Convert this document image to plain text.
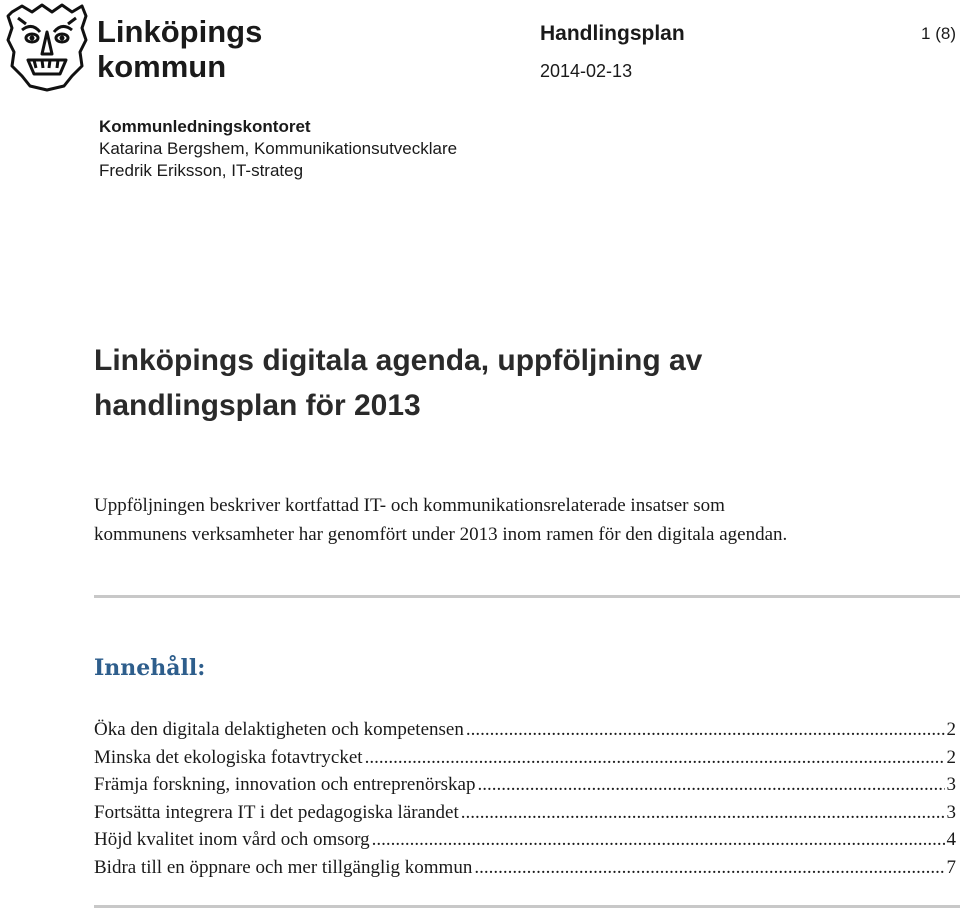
Linköpings
kommun
Handlingsplan
2014-02-13
1 (8)
Kommunledningskontoret
Katarina Bergshem, Kommunikationsutvecklare
Fredrik Eriksson, IT-strateg
Linköpings digitala agenda, uppföljning av
handlingsplan för 2013
Uppföljningen beskriver kortfattad IT- och kommunikationsrelaterade insatser som
kommunens verksamheter har genomfört under 2013 inom ramen för den digitala agendan.
Innehåll:
Öka den digitala delaktigheten och kompetensen .....	2
Minska det ekologiska fotavtrycket .....	2
Främja forskning, innovation och entreprenörskap .....	3
Fortsätta integrera IT i det pedagogiska lärandet .....	3
Höjd kvalitet inom vård och omsorg .....	4
Bidra till en öppnare och mer tillgänglig kommun .....	7
